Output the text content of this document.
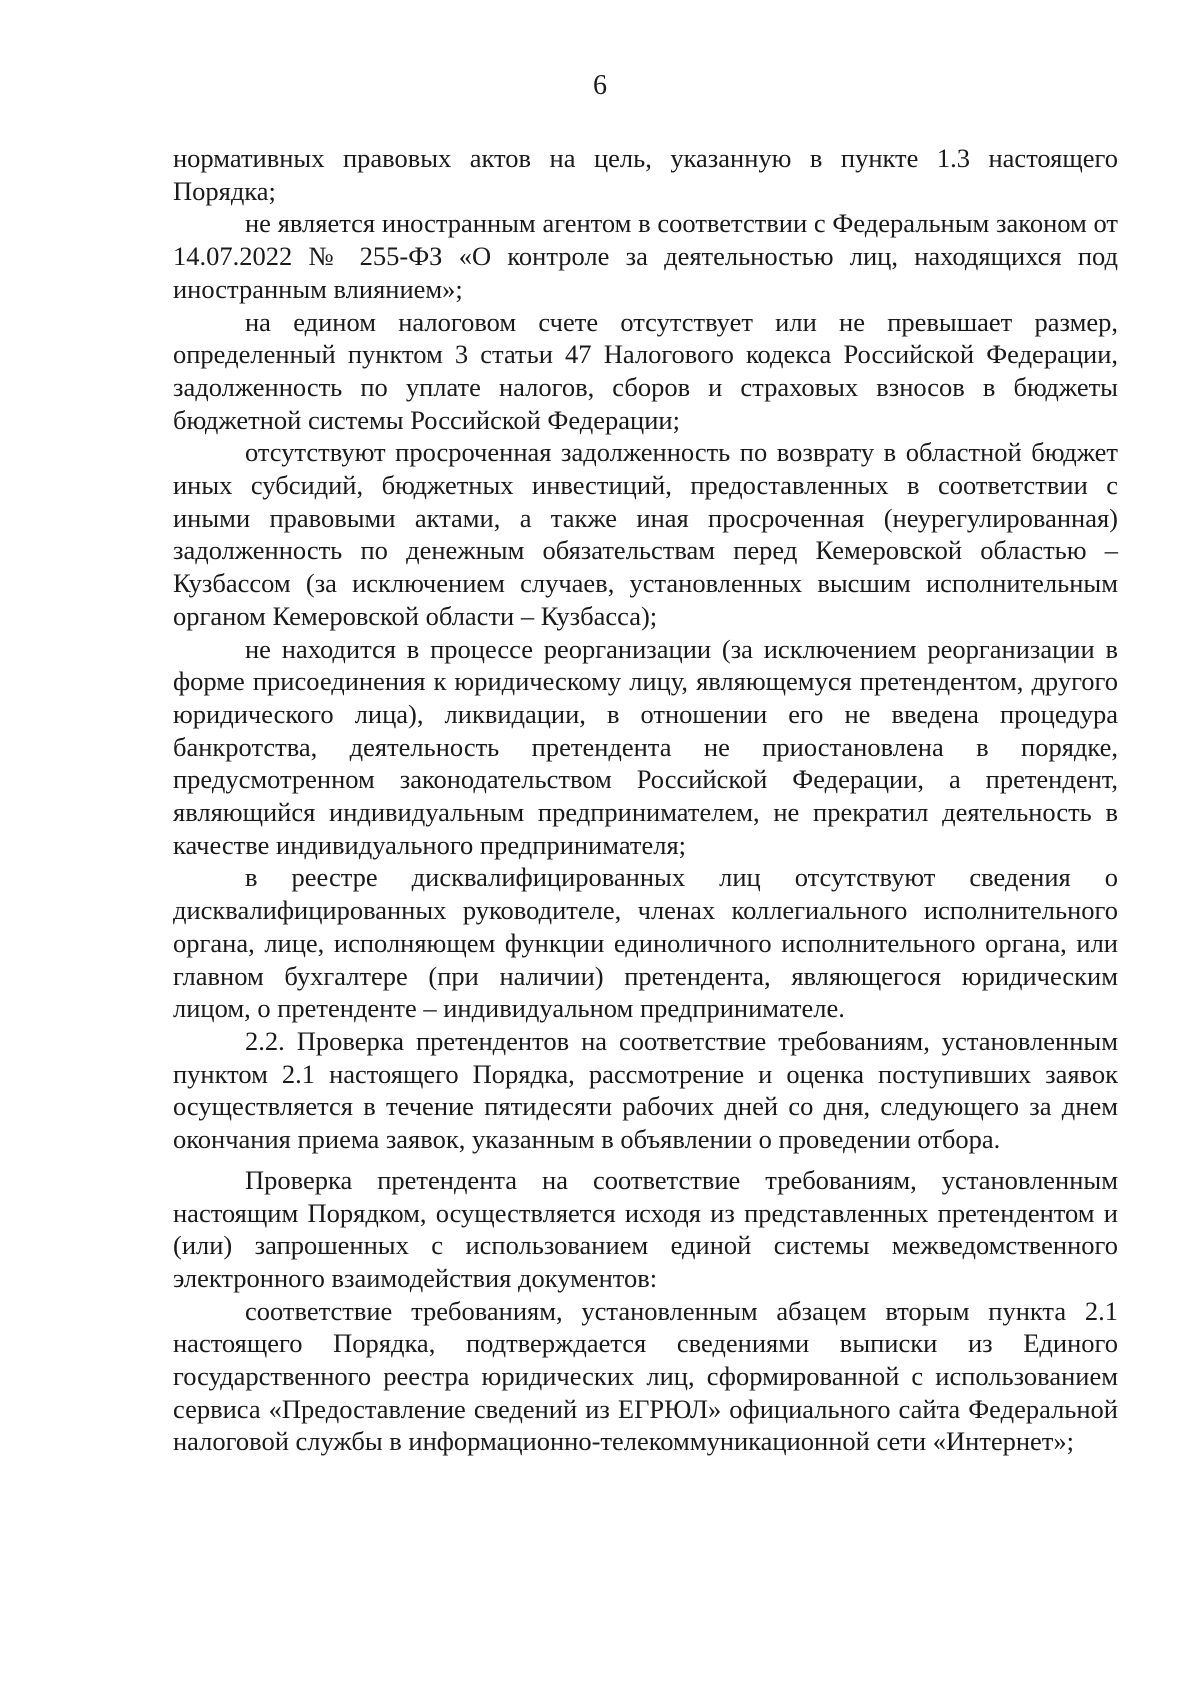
6

нормативных правовых актов на цель, указанную в пункте 1.3 настоящего Порядка;

не является иностранным агентом в соответствии с Федеральным законом от 14.07.2022 № 255-ФЗ «О контроле за деятельностью лиц, находящихся под иностранным влиянием»;

на едином налоговом счете отсутствует или не превышает размер, определенный пунктом 3 статьи 47 Налогового кодекса Российской Федерации, задолженность по уплате налогов, сборов и страховых взносов в бюджеты бюджетной системы Российской Федерации;

отсутствуют просроченная задолженность по возврату в областной бюджет иных субсидий, бюджетных инвестиций, предоставленных в соответствии с иными правовыми актами, а также иная просроченная (неурегулированная) задолженность по денежным обязательствам перед Кемеровской областью – Кузбассом (за исключением случаев, установленных высшим исполнительным органом Кемеровской области – Кузбасса);

не находится в процессе реорганизации (за исключением реорганизации в форме присоединения к юридическому лицу, являющемуся претендентом, другого юридического лица), ликвидации, в отношении его не введена процедура банкротства, деятельность претендента не приостановлена в порядке, предусмотренном законодательством Российской Федерации, а претендент, являющийся индивидуальным предпринимателем, не прекратил деятельность в качестве индивидуального предпринимателя;

в реестре дисквалифицированных лиц отсутствуют сведения о дисквалифицированных руководителе, членах коллегиального исполнительного органа, лице, исполняющем функции единоличного исполнительного органа, или главном бухгалтере (при наличии) претендента, являющегося юридическим лицом, о претенденте – индивидуальном предпринимателе.

2.2. Проверка претендентов на соответствие требованиям, установленным пунктом 2.1 настоящего Порядка, рассмотрение и оценка поступивших заявок осуществляется в течение пятидесяти рабочих дней со дня, следующего за днем окончания приема заявок, указанным в объявлении о проведении отбора.

Проверка претендента на соответствие требованиям, установленным настоящим Порядком, осуществляется исходя из представленных претендентом и (или) запрошенных с использованием единой системы межведомственного электронного взаимодействия документов:

соответствие требованиям, установленным абзацем вторым пункта 2.1 настоящего Порядка, подтверждается сведениями выписки из Единого государственного реестра юридических лиц, сформированной с использованием сервиса «Предоставление сведений из ЕГРЮЛ» официального сайта Федеральной налоговой службы в информационно-телекоммуникационной сети «Интернет»;
